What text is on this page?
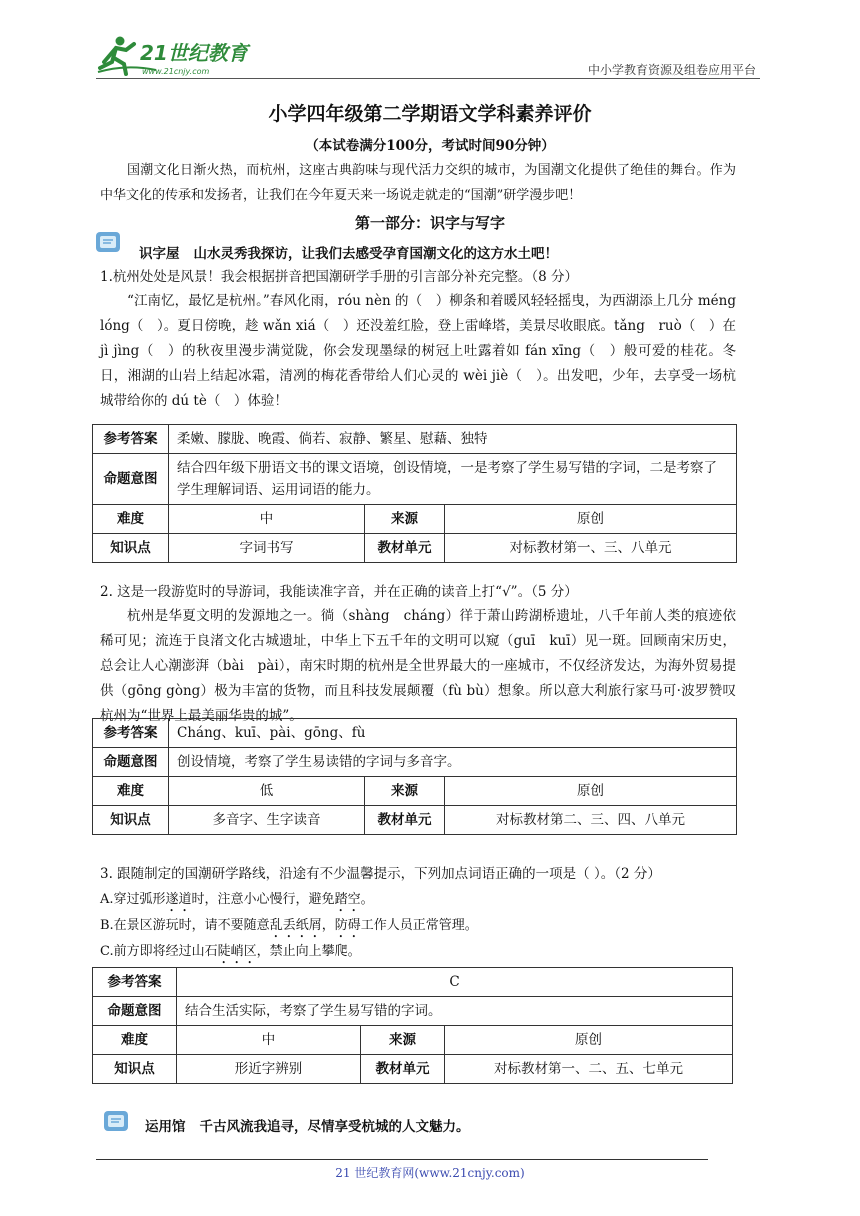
21世纪教育
www.21cnjy.com	中小学教育资源及组卷应用平台
小学四年级第二学期语文学科素养评价
（本试卷满分100分，考试时间90分钟）
国潮文化日渐火热，而杭州，这座古典韵味与现代活力交织的城市，为国潮文化提供了绝佳的舞台。作为中华文化的传承和发扬者，让我们在今年夏天来一场说走就走的“国潮”研学漫步吧！
第一部分：识字与写字
识字屋 山水灵秀我探访，让我们去感受孕育国潮文化的这方水土吧！
1.杭州处处是风景！我会根据拼音把国潮研学手册的引言部分补充完整。（8 分）
“江南忆，最忆是杭州。”春风化雨，róu nèn 的（　）柳条和着暖风轻轻摇曳，为西湖添上几分 méng lóng（　）。夏日傍晚，趁 wǎn xiá（　）还没羞红脸，登上雷峰塔，美景尽收眼底。tǎng　ruò（　）在 jì jìng（　）的秋夜里漫步满觉陇，你会发现墨绿的树冠上吐露着如 fán xīng（　）般可爱的桂花。冬日，湘湖的山岩上结起冰霜，清冽的梅花香带给人们心灵的 wèi jiè（　）。出发吧，少年，去享受一场杭城带给你的 dú tè（　）体验！
参考答案	柔嫩、朦胧、晚霞、倘若、寂静、繁星、慰藉、独特		
命题意图	结合四年级下册语文书的课文语境，创设情境，一是考察了学生易写错的字词，二是考察了学生理解词语、运用词语的能力。		
难度	中	来源	原创
知识点	字词书写	教材单元	对标教材第一、三、八单元
2. 这是一段游览时的导游词，我能读准字音，并在正确的读音上打“√”。（5 分）
杭州是华夏文明的发源地之一。徜（shàng　cháng）徉于萧山跨湖桥遗址，八千年前人类的痕迹依稀可见；流连于良渚文化古城遗址，中华上下五千年的文明可以窥（guī　kuī）见一斑。回顾南宋历史，总会让人心潮澎湃（bài　pài），南宋时期的杭州是全世界最大的一座城市，不仅经济发达，为海外贸易提供（gōng gòng）极为丰富的货物，而且科技发展颠覆（fù bù）想象。所以意大利旅行家马可·波罗赞叹杭州为“世界上最美丽华贵的城”。
参考答案	Cháng、kuī、pài、gōng、fù		
命题意图	创设情境，考察了学生易读错的字词与多音字。		
难度	低	来源	原创
知识点	多音字、生字读音	教材单元	对标教材第二、三、四、八单元
3. 跟随制定的国潮研学路线，沿途有不少温馨提示，下列加点词语正确的一项是（ ）。（2 分）
A.穿过弧形遂道时，注意小心慢行，避免踏空。
B.在景区游玩时，请不要随意乱丢纸屑，防碍工作人员正常管理。
C.前方即将经过山石陡峭区，禁止向上攀爬。
参考答案	C		
命题意图	结合生活实际，考察了学生易写错的字词。		
难度	中	来源	原创
知识点	形近字辨别	教材单元	对标教材第一、二、五、七单元
运用馆 千古风流我追寻，尽情享受杭城的人文魅力。
21 世纪教育网(www.21cnjy.com)
